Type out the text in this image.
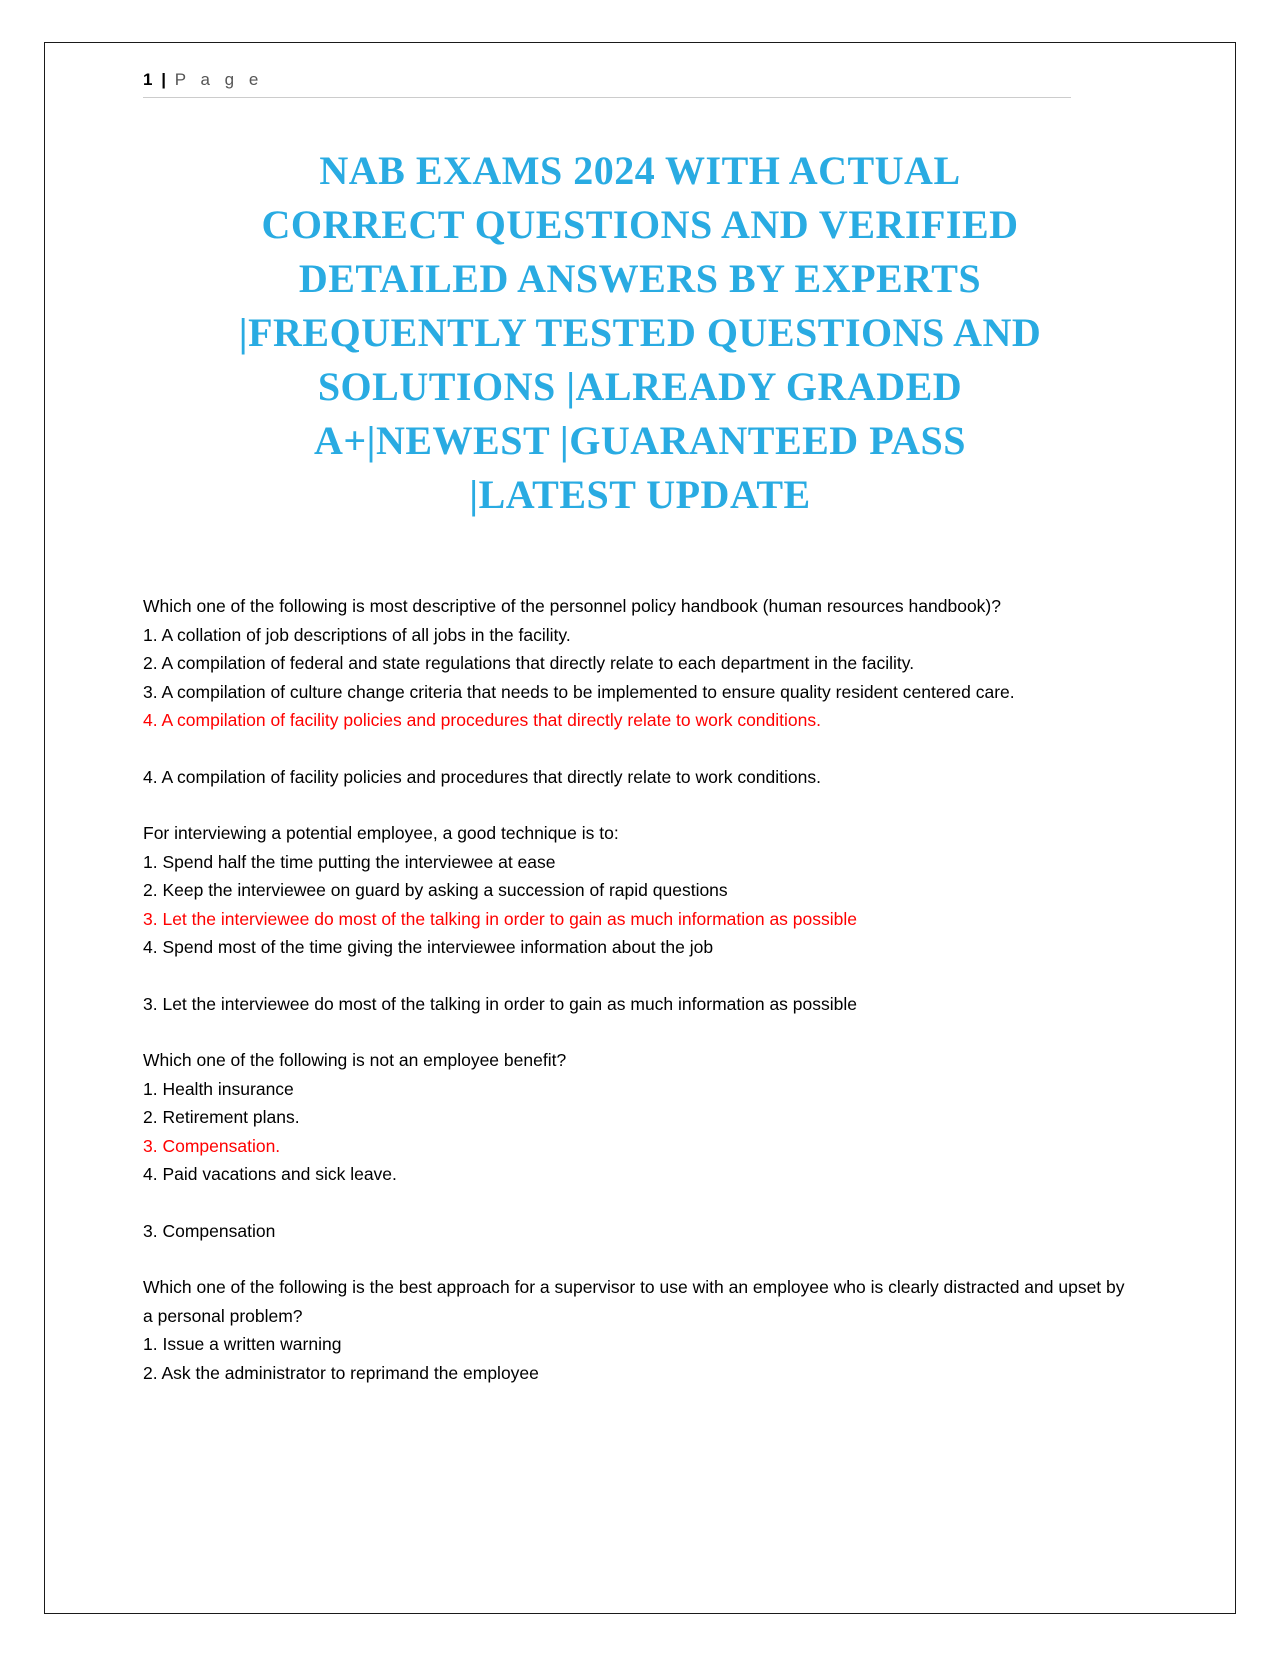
1 | P a g e
NAB EXAMS 2024 WITH ACTUAL
CORRECT QUESTIONS AND VERIFIED
DETAILED ANSWERS BY EXPERTS
|FREQUENTLY TESTED QUESTIONS AND
SOLUTIONS |ALREADY GRADED
A+|NEWEST |GUARANTEED PASS
|LATEST UPDATE

Which one of the following is most descriptive of the personnel policy handbook (human resources handbook)?
1. A collation of job descriptions of all jobs in the facility.
2. A compilation of federal and state regulations that directly relate to each department in the facility.
3. A compilation of culture change criteria that needs to be implemented to ensure quality resident centered care.
4. A compilation of facility policies and procedures that directly relate to work conditions.

4. A compilation of facility policies and procedures that directly relate to work conditions.

For interviewing a potential employee, a good technique is to:
1. Spend half the time putting the interviewee at ease
2. Keep the interviewee on guard by asking a succession of rapid questions
3. Let the interviewee do most of the talking in order to gain as much information as possible
4. Spend most of the time giving the interviewee information about the job

3. Let the interviewee do most of the talking in order to gain as much information as possible

Which one of the following is not an employee benefit?
1. Health insurance
2. Retirement plans.
3. Compensation.
4. Paid vacations and sick leave.

3. Compensation

Which one of the following is the best approach for a supervisor to use with an employee who is clearly distracted and upset by a personal problem?
1. Issue a written warning
2. Ask the administrator to reprimand the employee
